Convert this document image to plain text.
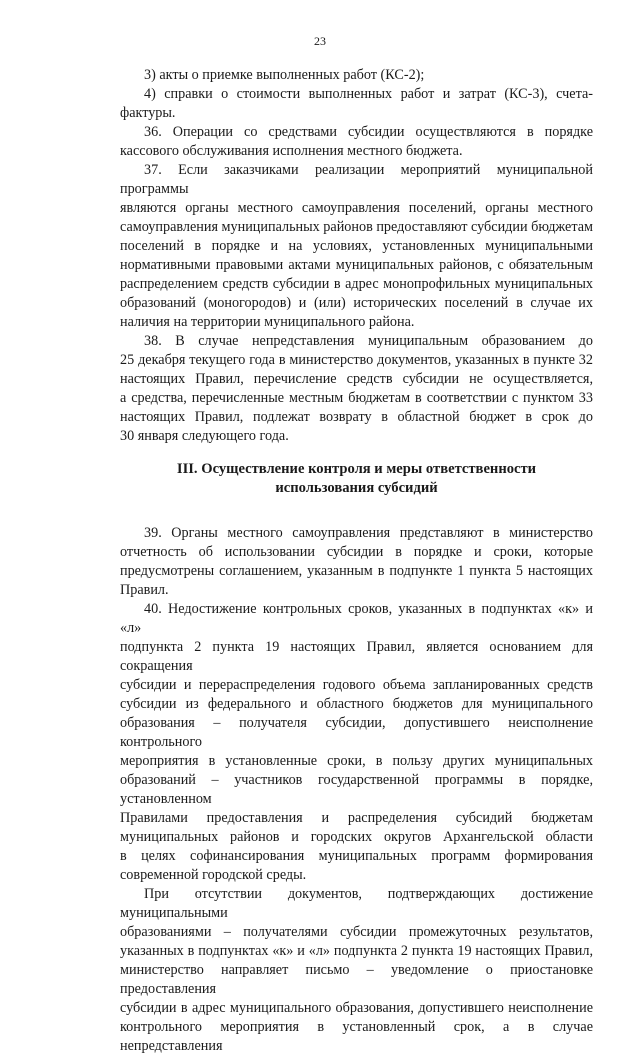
23
3) акты о приемке выполненных работ (КС-2);
4) справки о стоимости выполненных работ и затрат (КС-3), счета-
фактуры.
36. Операции со средствами субсидии осуществляются в порядке
кассового обслуживания исполнения местного бюджета.
37. Если заказчиками реализации мероприятий муниципальной программы
являются органы местного самоуправления поселений, органы местного
самоуправления муниципальных районов предоставляют субсидии бюджетам
поселений в порядке и на условиях, установленных муниципальными
нормативными правовыми актами муниципальных районов, с обязательным
распределением средств субсидии в адрес монопрофильных муниципальных
образований (моногородов) и (или) исторических поселений в случае их
наличия на территории муниципального района.
38. В случае непредставления муниципальным образованием до
25 декабря текущего года в министерство документов, указанных в пункте 32
настоящих Правил, перечисление средств субсидии не осуществляется,
а средства, перечисленные местным бюджетам в соответствии с пунктом 33
настоящих Правил, подлежат возврату в областной бюджет в срок до
30 января следующего года.
III. Осуществление контроля и меры ответственности
использования субсидий
39. Органы местного самоуправления представляют в министерство
отчетность об использовании субсидии в порядке и сроки, которые
предусмотрены соглашением, указанным в подпункте 1 пункта 5 настоящих
Правил.
40. Недостижение контрольных сроков, указанных в подпунктах «к» и «л»
подпункта 2 пункта 19 настоящих Правил, является основанием для сокращения
субсидии и перераспределения годового объема запланированных средств
субсидии из федерального и областного бюджетов для муниципального
образования – получателя субсидии, допустившего неисполнение контрольного
мероприятия в установленные сроки, в пользу других муниципальных
образований – участников государственной программы в порядке, установленном
Правилами предоставления и распределения субсидий бюджетам
муниципальных районов и городских округов Архангельской области
в целях софинансирования муниципальных программ формирования
современной городской среды.
При отсутствии документов, подтверждающих достижение муниципальными
образованиями – получателями субсидии промежуточных результатов,
указанных в подпунктах «к» и «л» подпункта 2 пункта 19 настоящих Правил,
министерство направляет письмо – уведомление о приостановке предоставления
субсидии в адрес муниципального образования, допустившего неисполнение
контрольного мероприятия в установленный срок, а в случае непредставления
